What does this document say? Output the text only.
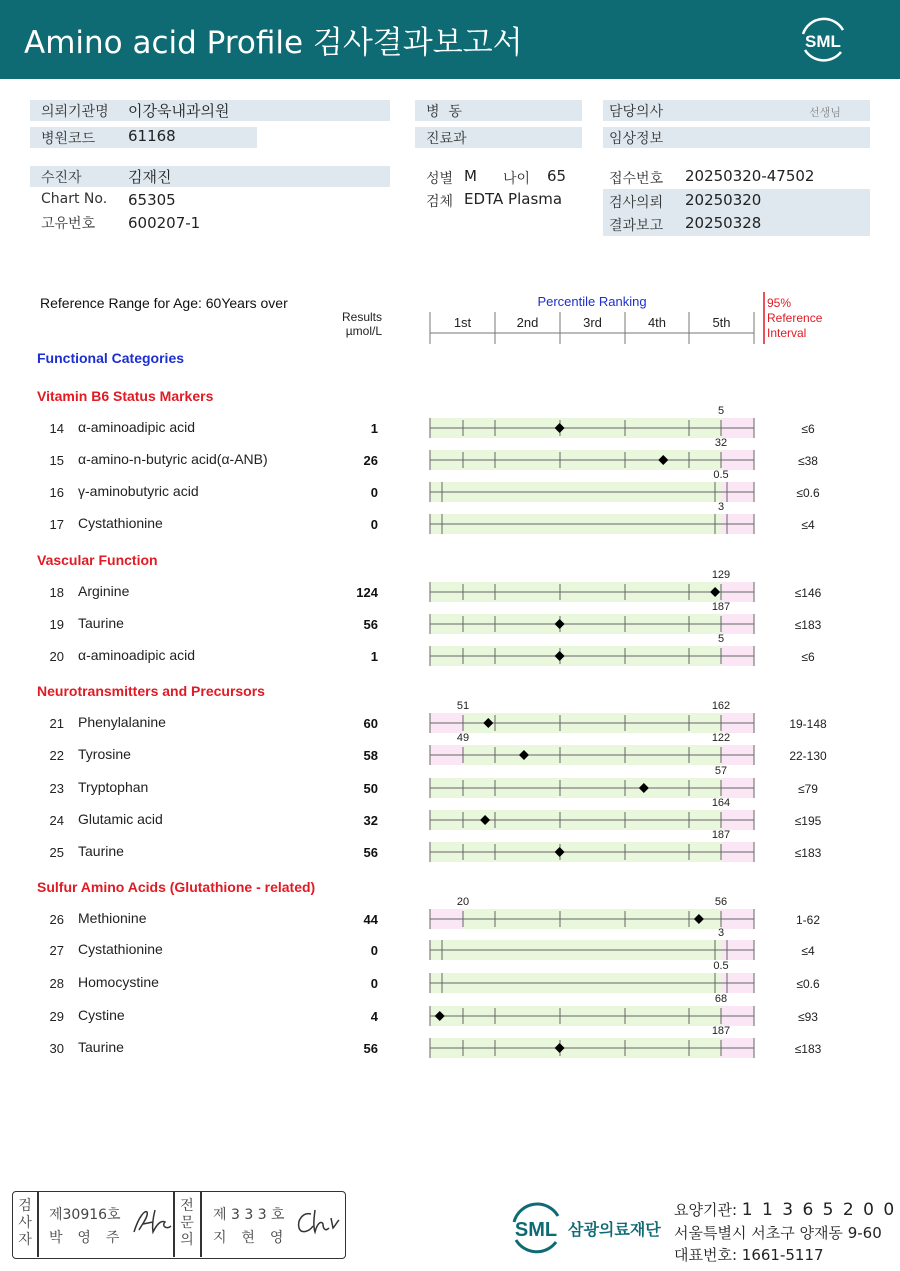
Amino acid Profile 검사결과보고서	SML
의뢰기관명 이강욱내과의원
병원코드 61168
병  동
진료과
담당의사	선생님
임상정보
수진자	김재진
Chart No. 65305
고유번호 600207-1
성별 M 나이 65
검체 EDTA Plasma
접수번호 20250320-47502
검사의뢰 20250320
결과보고 20250328
Reference Range for Age: 60Years over
Results
µmol/L
Percentile Ranking	95%
Reference
Interval
Functional Categories
1st	2nd	3rd	4th	5th
5
32
0.5
3
129
187
5
162
51
122
49
57
164
187
56
20
3
0.5
68
187
Vitamin B6 Status Markers
14 α-aminoadipic acid	1	≤6
15 α-amino-n-butyric acid(α-ANB)	26	≤38
16 γ-aminobutyric acid	0	≤0.6
17 Cystathionine	0	≤4
Vascular Function
18 Arginine	124	≤146
19 Taurine	56	≤183
20 α-aminoadipic acid	1	≤6
Neurotransmitters and Precursors
21 Phenylalanine	60	19-148
22 Tyrosine	58	22-130
23 Tryptophan	50	≤79
24 Glutamic acid	32	≤195
25 Taurine	56	≤183
Sulfur Amino Acids (Glutathione - related)
26 Methionine	44	1-62
27 Cystathionine	0	≤4
28 Homocystine	0	≤0.6
29 Cystine	4	≤93
30 Taurine	56	≤183
검
사
자
제30916호
박  영  주
전
문
의
제 3 3 3 호
지  현  영	SML 삼광의료재단
요양기관: 1 1 3 6 5 2 0 0
서울특별시 서초구 양재동 9-60
대표번호: 1661-5117
